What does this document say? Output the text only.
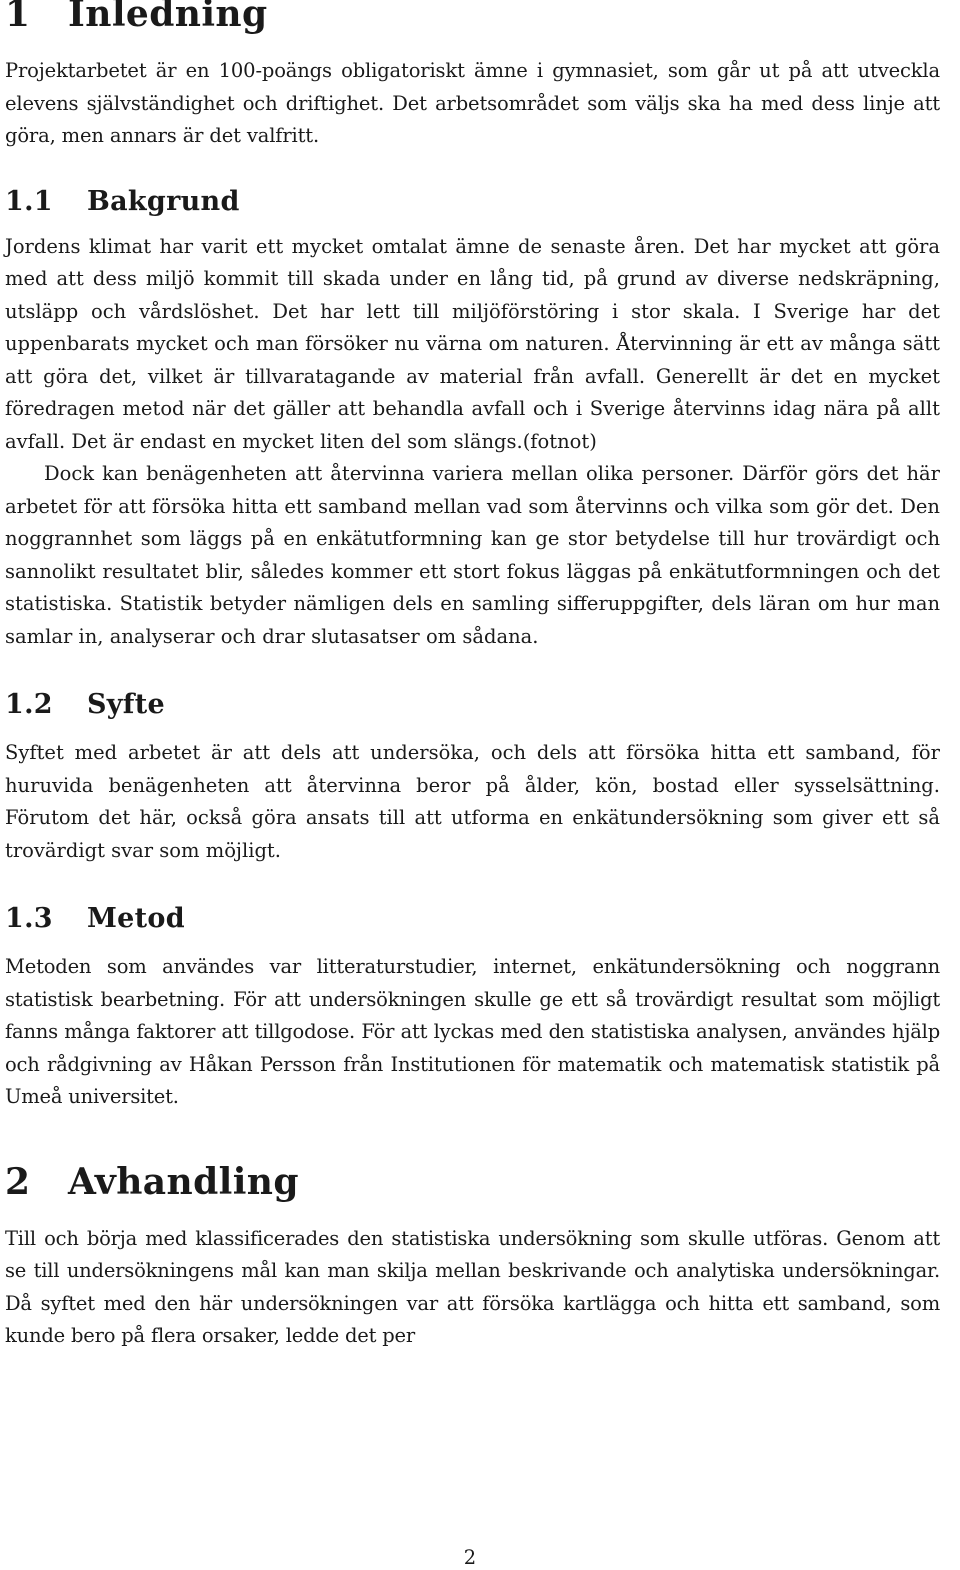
1 Inledning

Projektarbetet är en 100-poängs obligatoriskt ämne i gymnasiet, som går ut på att utveckla elevens självständighet och driftighet. Det arbetsområdet som väljs ska ha med dess linje att göra, men annars är det valfritt.

1.1 Bakgrund

Jordens klimat har varit ett mycket omtalat ämne de senaste åren. Det har mycket att göra med att dess miljö kommit till skada under en lång tid, på grund av diverse nedskräpning, utsläpp och vårdslöshet. Det har lett till miljöförstöring i stor skala. I Sverige har det uppenbarats mycket och man försöker nu värna om naturen. Återvinning är ett av många sätt att göra det, vilket är tillvaratagande av material från avfall. Generellt är det en mycket föredragen metod när det gäller att behandla avfall och i Sverige återvinns idag nära på allt avfall. Det är endast en mycket liten del som slängs.(fotnot)

Dock kan benägenheten att återvinna variera mellan olika personer. Därför görs det här arbetet för att försöka hitta ett samband mellan vad som återvinns och vilka som gör det. Den noggrannhet som läggs på en enkätutformning kan ge stor betydelse till hur trovärdigt och sannolikt resultatet blir, således kommer ett stort fokus läggas på enkätutformningen och det statistiska. Statistik betyder nämligen dels en samling sifferuppgifter, dels läran om hur man samlar in, analyserar och drar slutasatser om sådana.

1.2 Syfte

Syftet med arbetet är att dels att undersöka, och dels att försöka hitta ett samband, för huruvida benägenheten att återvinna beror på ålder, kön, bostad eller sysselsättning. Förutom det här, också göra ansats till att utforma en enkätundersökning som giver ett så trovärdigt svar som möjligt.

1.3 Metod

Metoden som användes var litteraturstudier, internet, enkätundersökning och noggrann statistisk bearbetning. För att undersökningen skulle ge ett så trovärdigt resultat som möjligt fanns många faktorer att tillgodose. För att lyckas med den statistiska analysen, användes hjälp och rådgivning av Håkan Persson från Institutionen för matematik och matematisk statistik på Umeå universitet.

2 Avhandling

Till och börja med klassificerades den statistiska undersökning som skulle utföras. Genom att se till undersökningens mål kan man skilja mellan beskrivande och analytiska undersökningar. Då syftet med den här undersökningen var att försöka kartlägga och hitta ett samband, som kunde bero på flera orsaker, ledde det per

2
